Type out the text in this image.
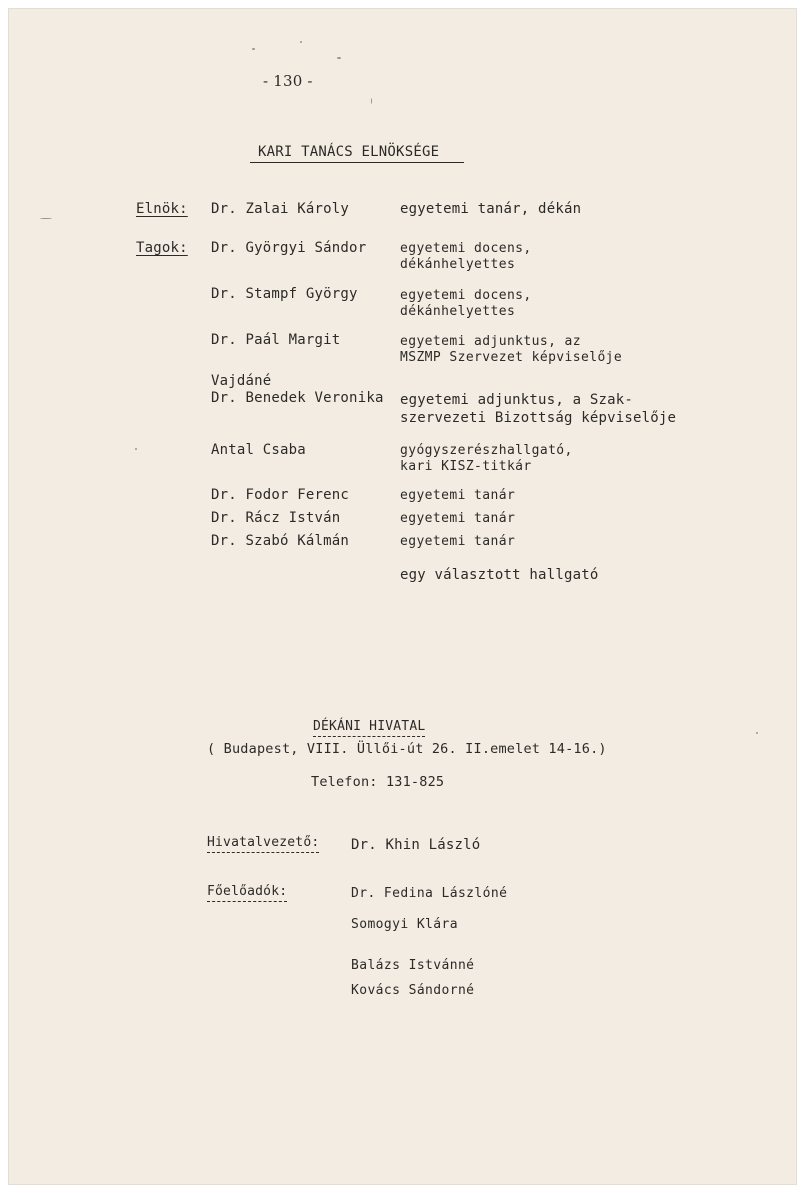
- 130 -
KARI TANÁCS ELNÖKSÉGE
Elnök: Dr. Zalai Károly	egyetemi tanár, dékán
Tagok: Dr. Györgyi Sándor	egyetemi docens,
dékánhelyettes
Dr. Stampf György	egyetemi docens,
dékánhelyettes
Dr. Paál Margit	egyetemi adjunktus, az
MSZMP Szervezet képviselője
Vajdáné
Dr. Benedek Veronika egyetemi adjunktus, a Szak-
szervezeti Bizottság képviselője
Antal Csaba	gyógyszerészhallgató,
kari KISZ-titkár
Dr. Fodor Ferenc	egyetemi tanár
Dr. Rácz István	egyetemi tanár
Dr. Szabó Kálmán	egyetemi tanár
egy választott hallgató
DÉKÁNI HIVATAL
( Budapest, VIII. Üllői-út 26. II.emelet 14-16.)
Telefon: 131-825
Hivatalvezető: Dr. Khin László
Főelőadók:	Dr. Fedina Lászlóné
Somogyi Klára
Balázs Istvánné
Kovács Sándorné
